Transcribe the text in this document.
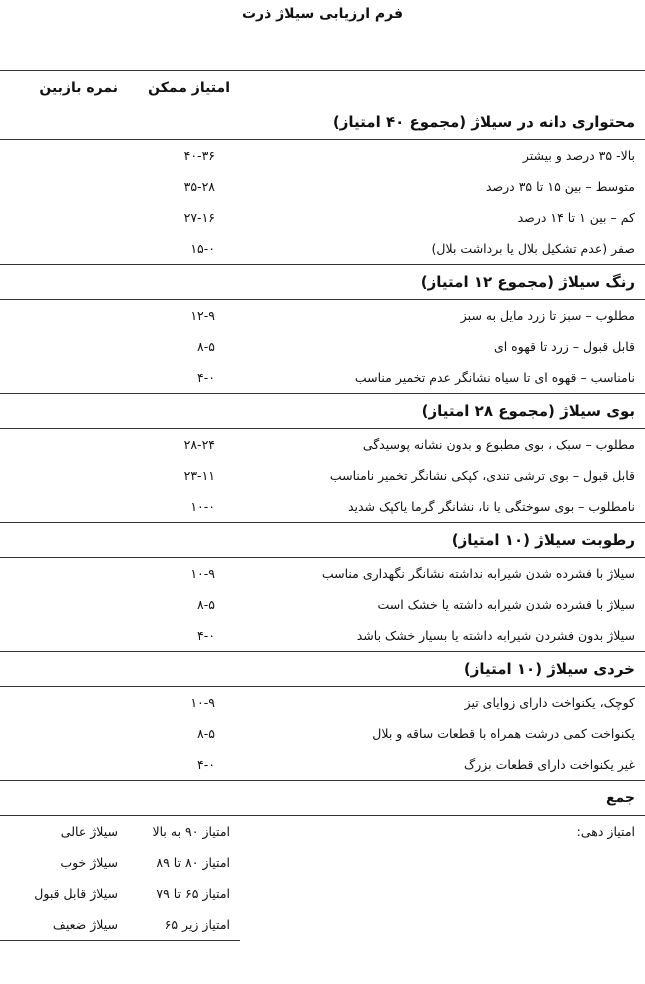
فرم ارزیابی سیلاژ ذرت
	امتیاز ممکن	نمره بازبین
محتواری دانه در سیلاژ (مجموع ۴۰ امتیاز)		
بالا- ۳۵ درصد و بیشتر	۴۰-۳۶	
متوسط – بین ۱۵ تا ۳۵ درصد	۳۵-۲۸	
کم – بین ۱ تا ۱۴ درصد	۲۷-۱۶	
صفر (عدم تشکیل بلال یا برداشت بلال)	۱۵-۰	
رنگ سیلاژ (مجموع ۱۲ امتیاز)		
مطلوب – سبز تا زرد مایل به سبز	۱۲-۹	
قابل قبول – زرد تا قهوه ای	۸-۵	
نامناسب – قهوه ای تا سیاه نشانگر عدم تخمیر مناسب	۴-۰	
بوی سیلاژ (مجموع ۲۸ امتیاز)		
مطلوب – سبک ، بوی مطبوع و بدون نشانه پوسیدگی	۲۸-۲۴	
قابل قبول – بوی ترشی تندی، کپکی نشانگر تخمیر نامناسب	۲۳-۱۱	
نامطلوب – بوی سوختگی یا نا، نشانگر گرما یاکپک شدید	۱۰-۰	
رطوبت سیلاژ (۱۰ امتیاز)		
سیلاژ با فشرده شدن شیرابه نداشته نشانگر نگهداری مناسب	۱۰-۹	
سیلاژ با فشرده شدن شیرابه داشته یا خشک است	۸-۵	
سیلاژ بدون فشردن شیرابه داشته یا بسیار خشک باشد	۴-۰	
خردی سیلاژ (۱۰ امتیاز)		
کوچک، یکنواخت دارای زوایای تیز	۱۰-۹	
یکنواخت کمی درشت همراه با قطعات ساقه و بلال	۸-۵	
غیر یکنواخت دارای قطعات بزرگ	۴-۰	
جمع		
امتیاز دهی:	امتیاز ۹۰ به بالا	سیلاژ عالی
	امتیاز ۸۰ تا ۸۹	سیلاژ خوب
	امتیاز ۶۵ تا ۷۹	سیلاژ قابل قبول
	امتیاز زیر ۶۵	سیلاژ ضعیف
